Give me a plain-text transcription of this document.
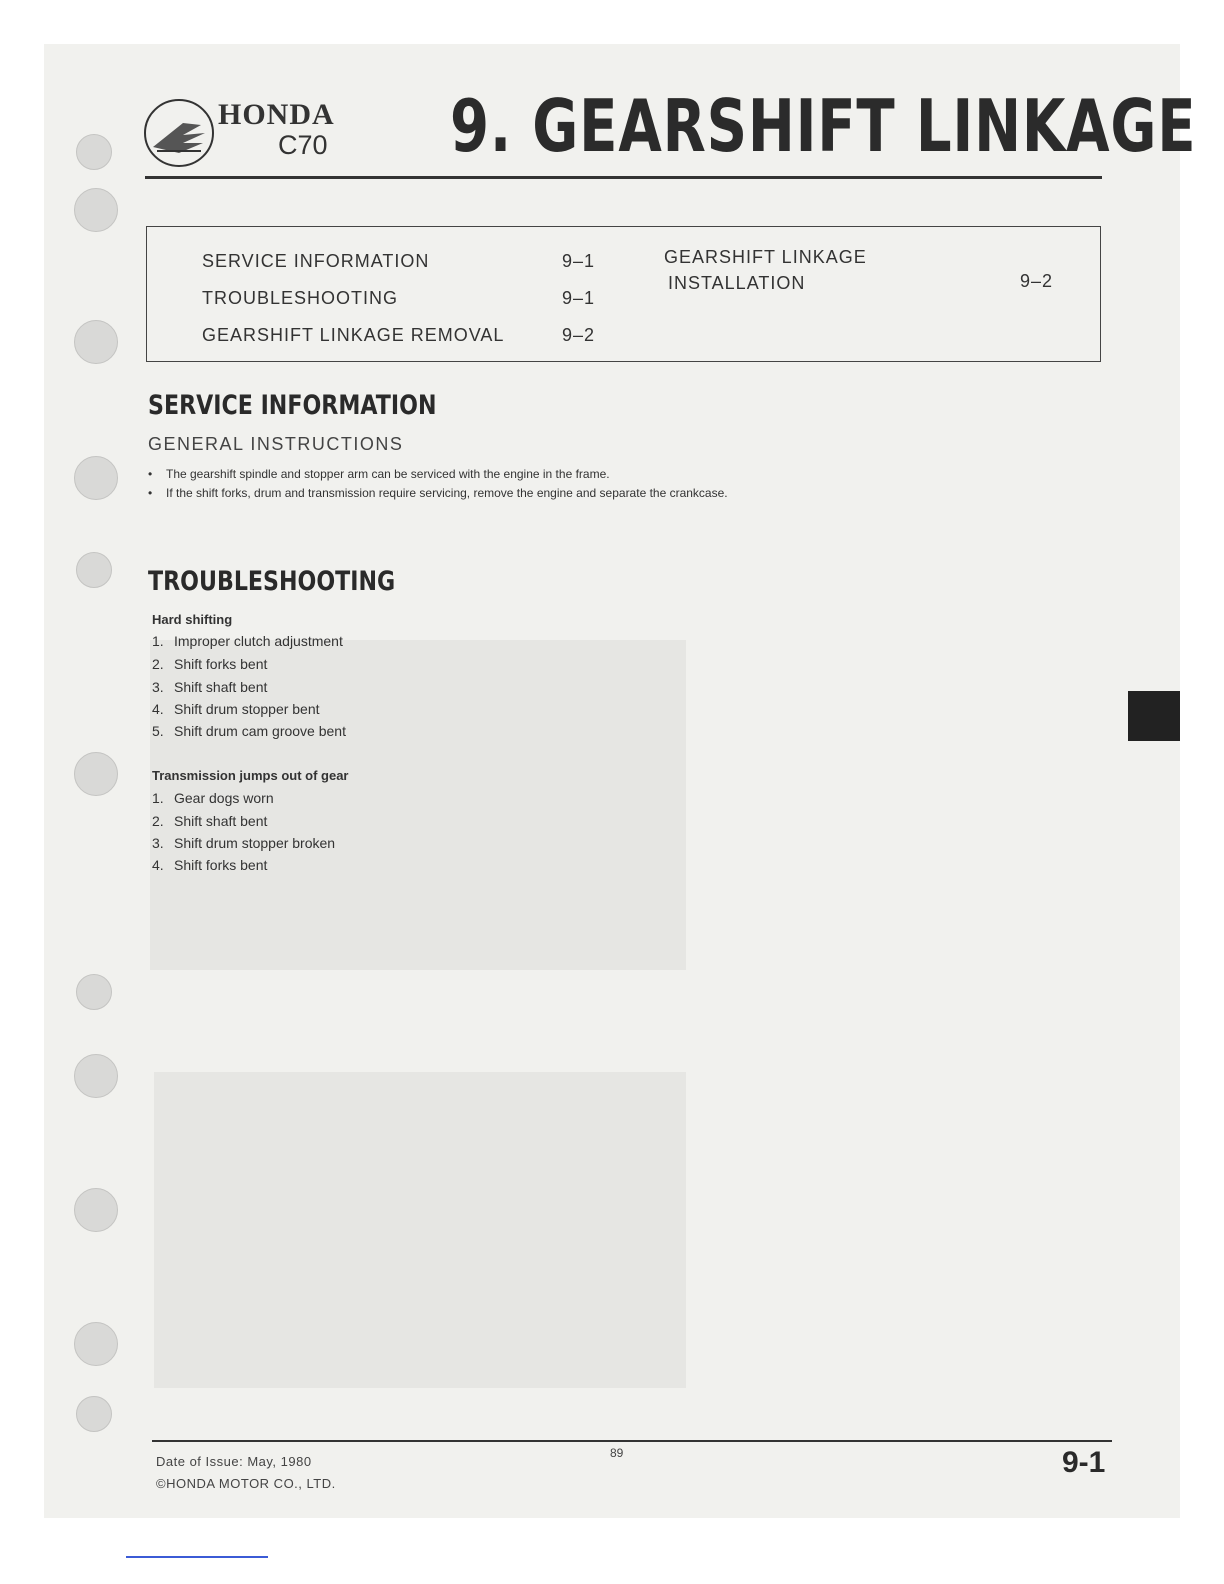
HONDA
C70 9. GEARSHIFT LINKAGE
SERVICE INFORMATION	9–1
TROUBLESHOOTING	9–1
GEARSHIFT LINKAGE REMOVAL	9–2
GEARSHIFT LINKAGE
INSTALLATION	9–2
SERVICE INFORMATION
GENERAL INSTRUCTIONS
• The gearshift spindle and stopper arm can be serviced with the engine in the frame.
• If the shift forks, drum and transmission require servicing, remove the engine and separate the crankcase.
TROUBLESHOOTING
Hard shifting
1. Improper clutch adjustment
2. Shift forks bent
3. Shift shaft bent
4. Shift drum stopper bent
5. Shift drum cam groove bent
Transmission jumps out of gear
1. Gear dogs worn
2. Shift shaft bent
3. Shift drum stopper broken
4. Shift forks bent
Date of Issue: May, 1980
©HONDA MOTOR CO., LTD.
89	9-1
